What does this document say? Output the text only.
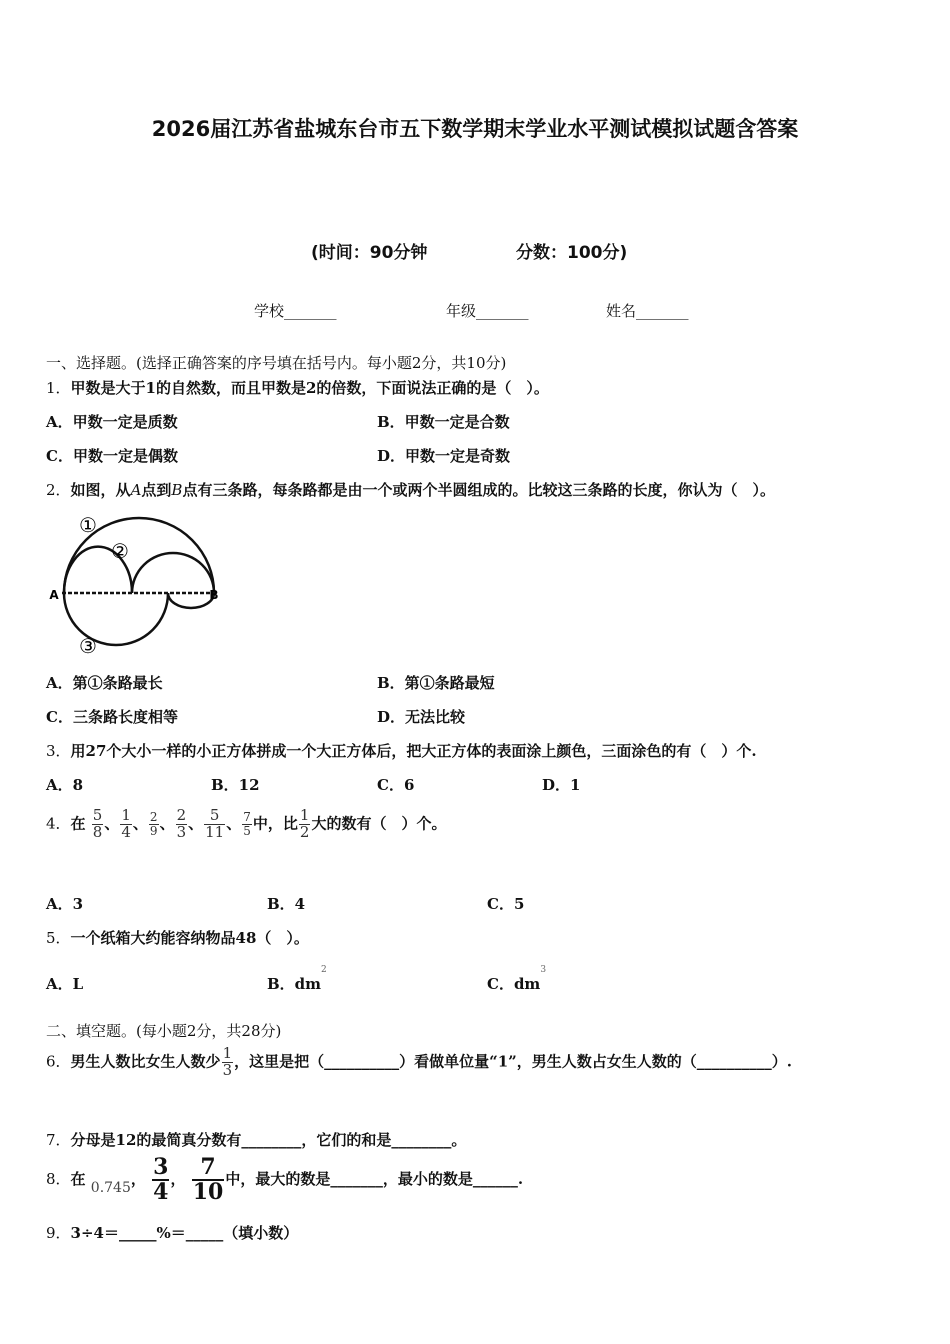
2026届江苏省盐城东台市五下数学期末学业水平测试模拟试题含答案
(时间：90分钟	分数：100分)
学校_______	年级_______	姓名_______
一、选择题。(选择正确答案的序号填在括号内。每小题2分，共10分)
1．甲数是大于1的自然数，而且甲数是2的倍数，下面说法正确的是（　）。
A．甲数一定是质数	B．甲数一定是合数
C．甲数一定是偶数	D．甲数一定是奇数
2．如图，从A点到B点有三条路，每条路都是由一个或两个半圆组成的。比较这三条路的长度，你认为（　）。
①
②
③
A	B
A．第①条路最长	B．第①条路最短
C．三条路长度相等	D．无法比较
3．用27个大小一样的小正方体拼成一个大正方体后，把大正方体的表面涂上颜色，三面涂色的有（　）个.
A．8	B．12	C．6	D．1
4．在 $\frac{5}{8}$ 、 $\frac{1}{4}$ 、 $\frac{2}{9}$ 、 $\frac{2}{3}$ 、 $\frac{5}{11}$ 、 $\frac{7}{5}$ 中，比 $\frac{1}{2}$ 大的数有（　）个。
A．3	B．4	C．5
5．一个纸箱大约能容纳物品48（　）。
A．L	B．$dm^2$
C．$dm^3$
二、填空题。(每小题2分，共28分)
6．男生人数比女生人数少 $\frac{1}{3}$ ，这里是把（__________）看做单位量“1”，男生人数占女生人数的（__________）.
7．分母是12的最简真分数有________，它们的和是________。
8．在 0.745， $\frac{3}{4}$ ， $\frac{7}{10}$ 中，最大的数是_______，最小的数是______.
9．3÷4＝_____%＝_____（填小数）
